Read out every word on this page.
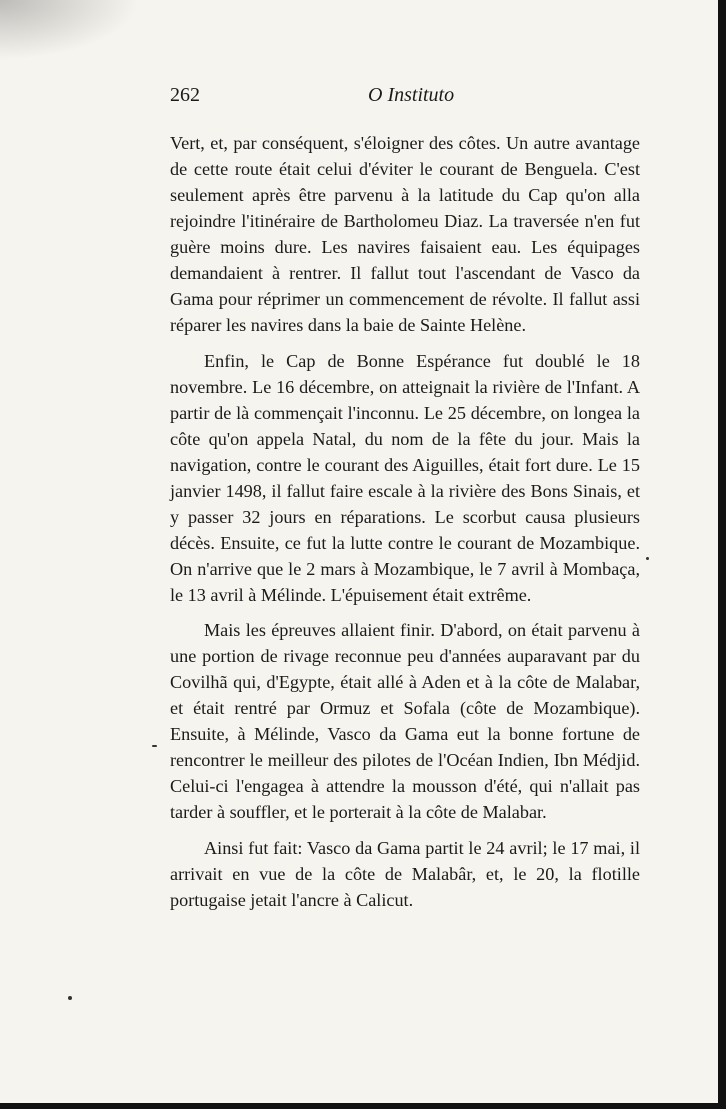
262	O Instituto

Vert, et, par conséquent, s'éloigner des côtes. Un autre avantage de cette route était celui d'éviter le courant de Benguela. C'est seulement après être parvenu à la latitude du Cap qu'on alla rejoindre l'itinéraire de Bartholomeu Diaz. La traversée n'en fut guère moins dure. Les navires faisaient eau. Les équipages demandaient à rentrer. Il fallut tout l'ascendant de Vasco da Gama pour réprimer un commencement de révolte. Il fallut assi réparer les navires dans la baie de Sainte Helène.

Enfin, le Cap de Bonne Espérance fut doublé le 18 novembre. Le 16 décembre, on atteignait la rivière de l'Infant. A partir de là commençait l'inconnu. Le 25 décembre, on longea la côte qu'on appela Natal, du nom de la fête du jour. Mais la navigation, contre le courant des Aiguilles, était fort dure. Le 15 janvier 1498, il fallut faire escale à la rivière des Bons Sinais, et y passer 32 jours en réparations. Le scorbut causa plusieurs décès. Ensuite, ce fut la lutte contre le courant de Mozambique. On n'arrive que le 2 mars à Mozambique, le 7 avril à Mombaça, le 13 avril à Mélinde. L'épuisement était extrême.

Mais les épreuves allaient finir. D'abord, on était parvenu à une portion de rivage reconnue peu d'années auparavant par du Covilhã qui, d'Egypte, était allé à Aden et à la côte de Malabar, et était rentré par Ormuz et Sofala (côte de Mozambique). Ensuite, à Mélinde, Vasco da Gama eut la bonne fortune de rencontrer le meilleur des pilotes de l'Océan Indien, Ibn Médjid. Celui-ci l'engagea à attendre la mousson d'été, qui n'allait pas tarder à souffler, et le porterait à la côte de Malabar.

Ainsi fut fait: Vasco da Gama partit le 24 avril; le 17 mai, il arrivait en vue de la côte de Malabâr, et, le 20, la flotille portugaise jetait l'ancre à Calicut.
